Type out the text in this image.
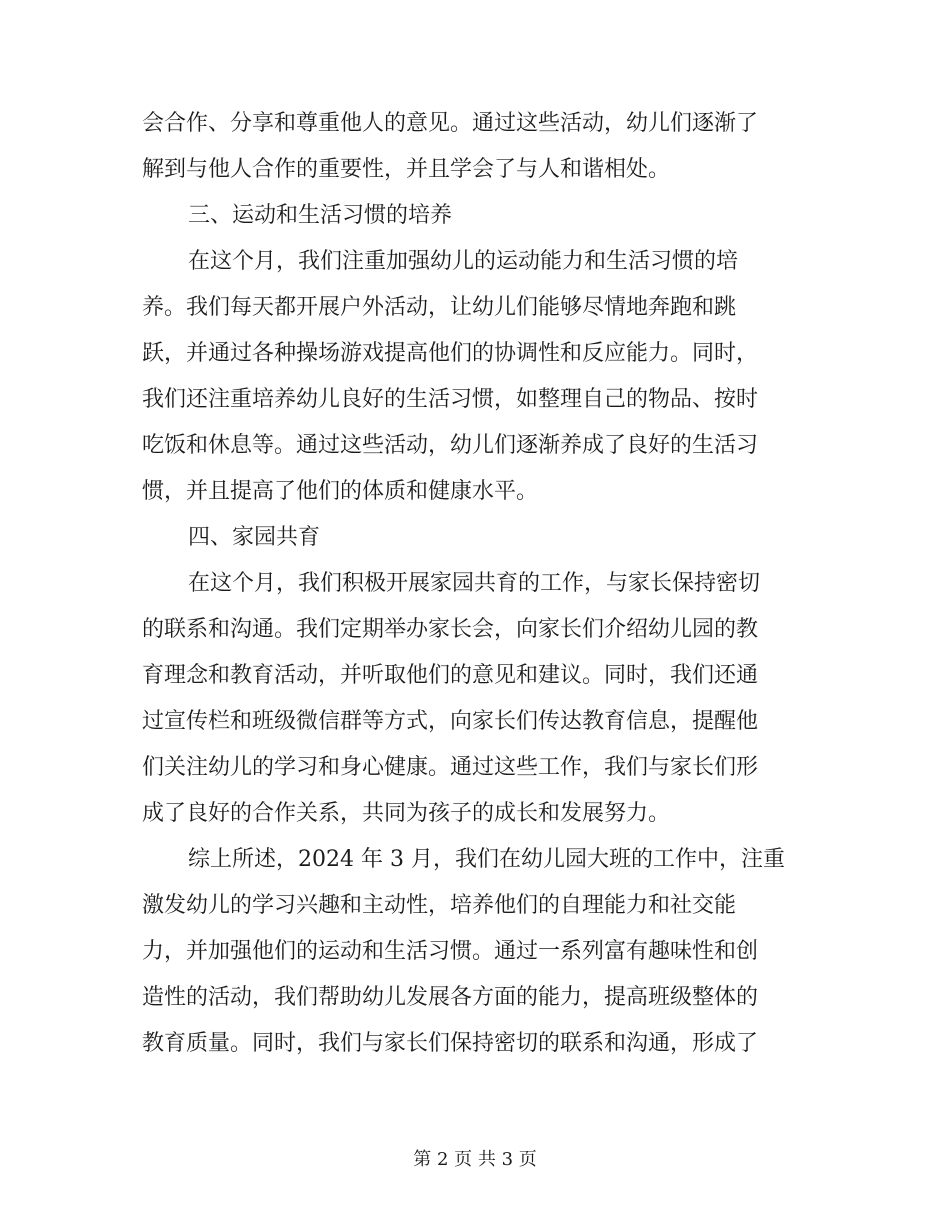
会合作、分享和尊重他人的意见。通过这些活动，幼儿们逐渐了
解到与他人合作的重要性，并且学会了与人和谐相处。
三、运动和生活习惯的培养
在这个月，我们注重加强幼儿的运动能力和生活习惯的培
养。我们每天都开展户外活动，让幼儿们能够尽情地奔跑和跳
跃，并通过各种操场游戏提高他们的协调性和反应能力。同时，
我们还注重培养幼儿良好的生活习惯，如整理自己的物品、按时
吃饭和休息等。通过这些活动，幼儿们逐渐养成了良好的生活习
惯，并且提高了他们的体质和健康水平。
四、家园共育
在这个月，我们积极开展家园共育的工作，与家长保持密切
的联系和沟通。我们定期举办家长会，向家长们介绍幼儿园的教
育理念和教育活动，并听取他们的意见和建议。同时，我们还通
过宣传栏和班级微信群等方式，向家长们传达教育信息，提醒他
们关注幼儿的学习和身心健康。通过这些工作，我们与家长们形
成了良好的合作关系，共同为孩子的成长和发展努力。
综上所述，2024 年 3 月，我们在幼儿园大班的工作中，注重
激发幼儿的学习兴趣和主动性，培养他们的自理能力和社交能
力，并加强他们的运动和生活习惯。通过一系列富有趣味性和创
造性的活动，我们帮助幼儿发展各方面的能力，提高班级整体的
教育质量。同时，我们与家长们保持密切的联系和沟通，形成了
第 2 页 共 3 页
